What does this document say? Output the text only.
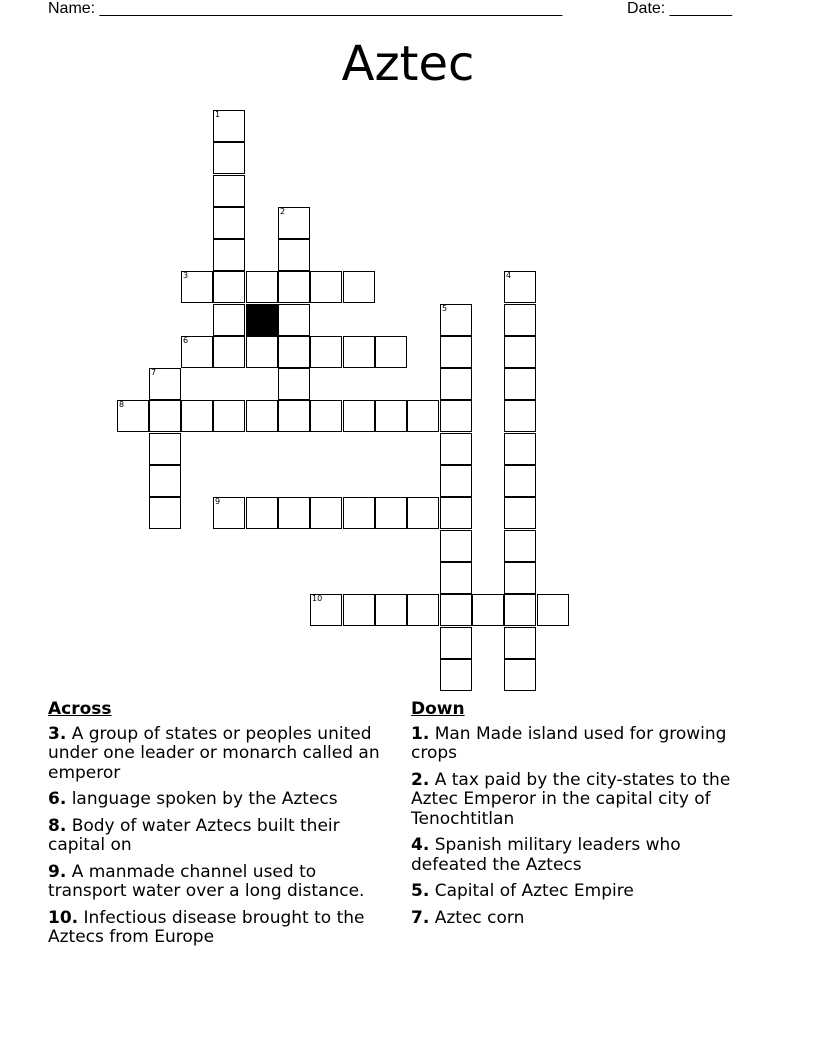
Name: ____________________________________________________	Date: _______
Aztec
1
2
3
6
4
5
7
8
9
10
Across
3. A group of states or peoples united under one leader or monarch called an emperor
6. language spoken by the Aztecs
8. Body of water Aztecs built their capital on
9. A manmade channel used to transport water over a long distance.
10. Infectious disease brought to the Aztecs from Europe
Down
1. Man Made island used for growing crops
2. A tax paid by the city-states to the Aztec Emperor in the capital city of Tenochtitlan
4. Spanish military leaders who defeated the Aztecs
5. Capital of Aztec Empire
7. Aztec corn
